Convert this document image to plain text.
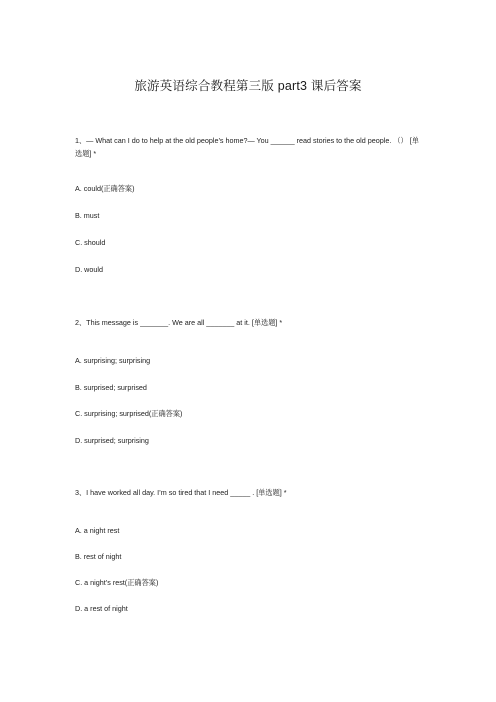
旅游英语综合教程第三版 part3 课后答案
1、— What can I do to help at the old people’s home?— You ______ read stories to the old people. （） [单选题] *
A. could(正确答案)
B. must
C. should
D. would
2、This message is _______. We are all _______ at it. [单选题] *
A. surprising; surprising
B. surprised; surprised
C. surprising; surprised(正确答案)
D. surprised; surprising
3、I have worked all day. I’m so tired that I need _____ . [单选题] *
A. a night rest
B. rest of night
C. a night’s rest(正确答案)
D. a rest of night
